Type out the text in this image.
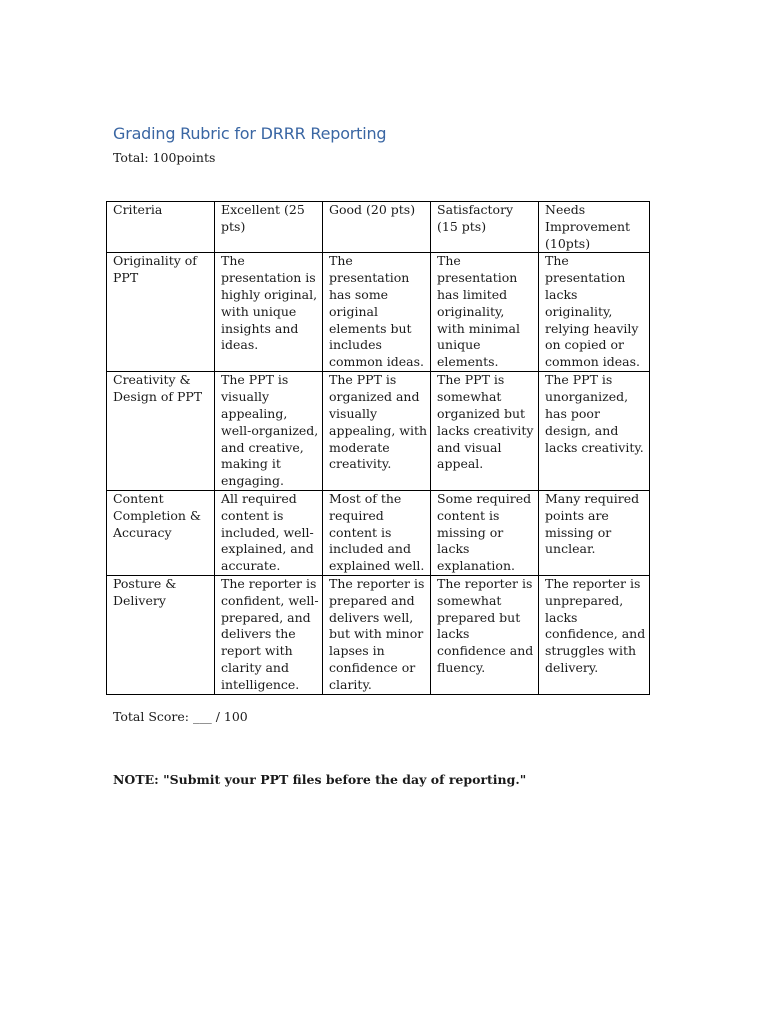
Grading Rubric for DRRR Reporting
Total: 100points
Criteria	Excellent (25 pts)	Good (20 pts)	Satisfactory (15 pts)	Needs Improvement (10pts)
Originality of PPT	The presentation is highly original, with unique insights and ideas.	The presentation has some original elements but includes common ideas.	The presentation has limited originality, with minimal unique elements.	The presentation lacks originality, relying heavily on copied or common ideas.
Creativity & Design of PPT	The PPT is visually appealing, well-organized, and creative, making it engaging.	The PPT is organized and visually appealing, with moderate creativity.	The PPT is somewhat organized but lacks creativity and visual appeal.	The PPT is unorganized, has poor design, and lacks creativity.
Content Completion & Accuracy	All required content is included, well-explained, and accurate.	Most of the required content is included and explained well.	Some required content is missing or lacks explanation.	Many required points are missing or unclear.
Posture & Delivery	The reporter is confident, well-prepared, and delivers the report with clarity and intelligence.	The reporter is prepared and delivers well, but with minor lapses in confidence or clarity.	The reporter is somewhat prepared but lacks confidence and fluency.	The reporter is unprepared, lacks confidence, and struggles with delivery.
Total Score: ___ / 100
NOTE: "Submit your PPT files before the day of reporting."
